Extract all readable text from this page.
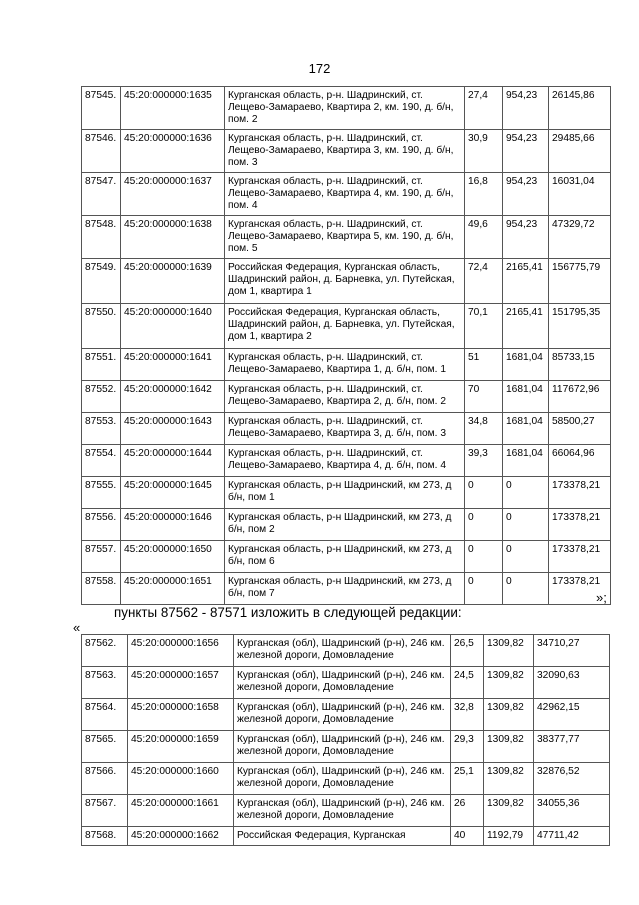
172
87545.	45:20:000000:1635	Курганская область, р-н. Шадринский, ст. Лещево-Замараево, Квартира 2, км. 190, д. б/н, пом. 2	27,4	954,23	26145,86
87546.	45:20:000000:1636	Курганская область, р-н. Шадринский, ст. Лещево-Замараево, Квартира 3, км. 190, д. б/н, пом. 3	30,9	954,23	29485,66
87547.	45:20:000000:1637	Курганская область, р-н. Шадринский, ст. Лещево-Замараево, Квартира 4, км. 190, д. б/н, пом. 4	16,8	954,23	16031,04
87548.	45:20:000000:1638	Курганская область, р-н. Шадринский, ст. Лещево-Замараево, Квартира 5, км. 190, д. б/н, пом. 5	49,6	954,23	47329,72
87549.	45:20:000000:1639	Российская Федерация, Курганская область, Шадринский район, д. Барневка, ул. Путейская, дом 1, квартира 1	72,4	2165,41	156775,79
87550.	45:20:000000:1640	Российская Федерация, Курганская область, Шадринский район, д. Барневка, ул. Путейская, дом 1, квартира 2	70,1	2165,41	151795,35
87551.	45:20:000000:1641	Курганская область, р-н. Шадринский, ст. Лещево-Замараево, Квартира 1, д. б/н, пом. 1	51	1681,04	85733,15
87552.	45:20:000000:1642	Курганская область, р-н. Шадринский, ст. Лещево-Замараево, Квартира 2, д. б/н, пом. 2	70	1681,04	117672,96
87553.	45:20:000000:1643	Курганская область, р-н. Шадринский, ст. Лещево-Замараево, Квартира 3, д. б/н, пом. 3	34,8	1681,04	58500,27
87554.	45:20:000000:1644	Курганская область, р-н. Шадринский, ст. Лещево-Замараево, Квартира 4, д. б/н, пом. 4	39,3	1681,04	66064,96
87555.	45:20:000000:1645	Курганская область, р-н Шадринский, км 273, д б/н, пом 1	0	0	173378,21
87556.	45:20:000000:1646	Курганская область, р-н Шадринский, км 273, д б/н, пом 2	0	0	173378,21
87557.	45:20:000000:1650	Курганская область, р-н Шадринский, км 273, д б/н, пом 6	0	0	173378,21
87558.	45:20:000000:1651	Курганская область, р-н Шадринский, км 273, д б/н, пом 7	0	0	173378,21
»;
пункты 87562 - 87571 изложить в следующей редакции:
«
87562.	45:20:000000:1656	Курганская (обл), Шадринский (р-н), 246 км. железной дороги, Домовладение	26,5	1309,82	34710,27
87563.	45:20:000000:1657	Курганская (обл), Шадринский (р-н), 246 км. железной дороги, Домовладение	24,5	1309,82	32090,63
87564.	45:20:000000:1658	Курганская (обл), Шадринский (р-н), 246 км. железной дороги, Домовладение	32,8	1309,82	42962,15
87565.	45:20:000000:1659	Курганская (обл), Шадринский (р-н), 246 км. железной дороги, Домовладение	29,3	1309,82	38377,77
87566.	45:20:000000:1660	Курганская (обл), Шадринский (р-н), 246 км. железной дороги, Домовладение	25,1	1309,82	32876,52
87567.	45:20:000000:1661	Курганская (обл), Шадринский (р-н), 246 км. железной дороги, Домовладение	26	1309,82	34055,36
87568.	45:20:000000:1662	Российская Федерация, Курганская	40	1192,79	47711,42
